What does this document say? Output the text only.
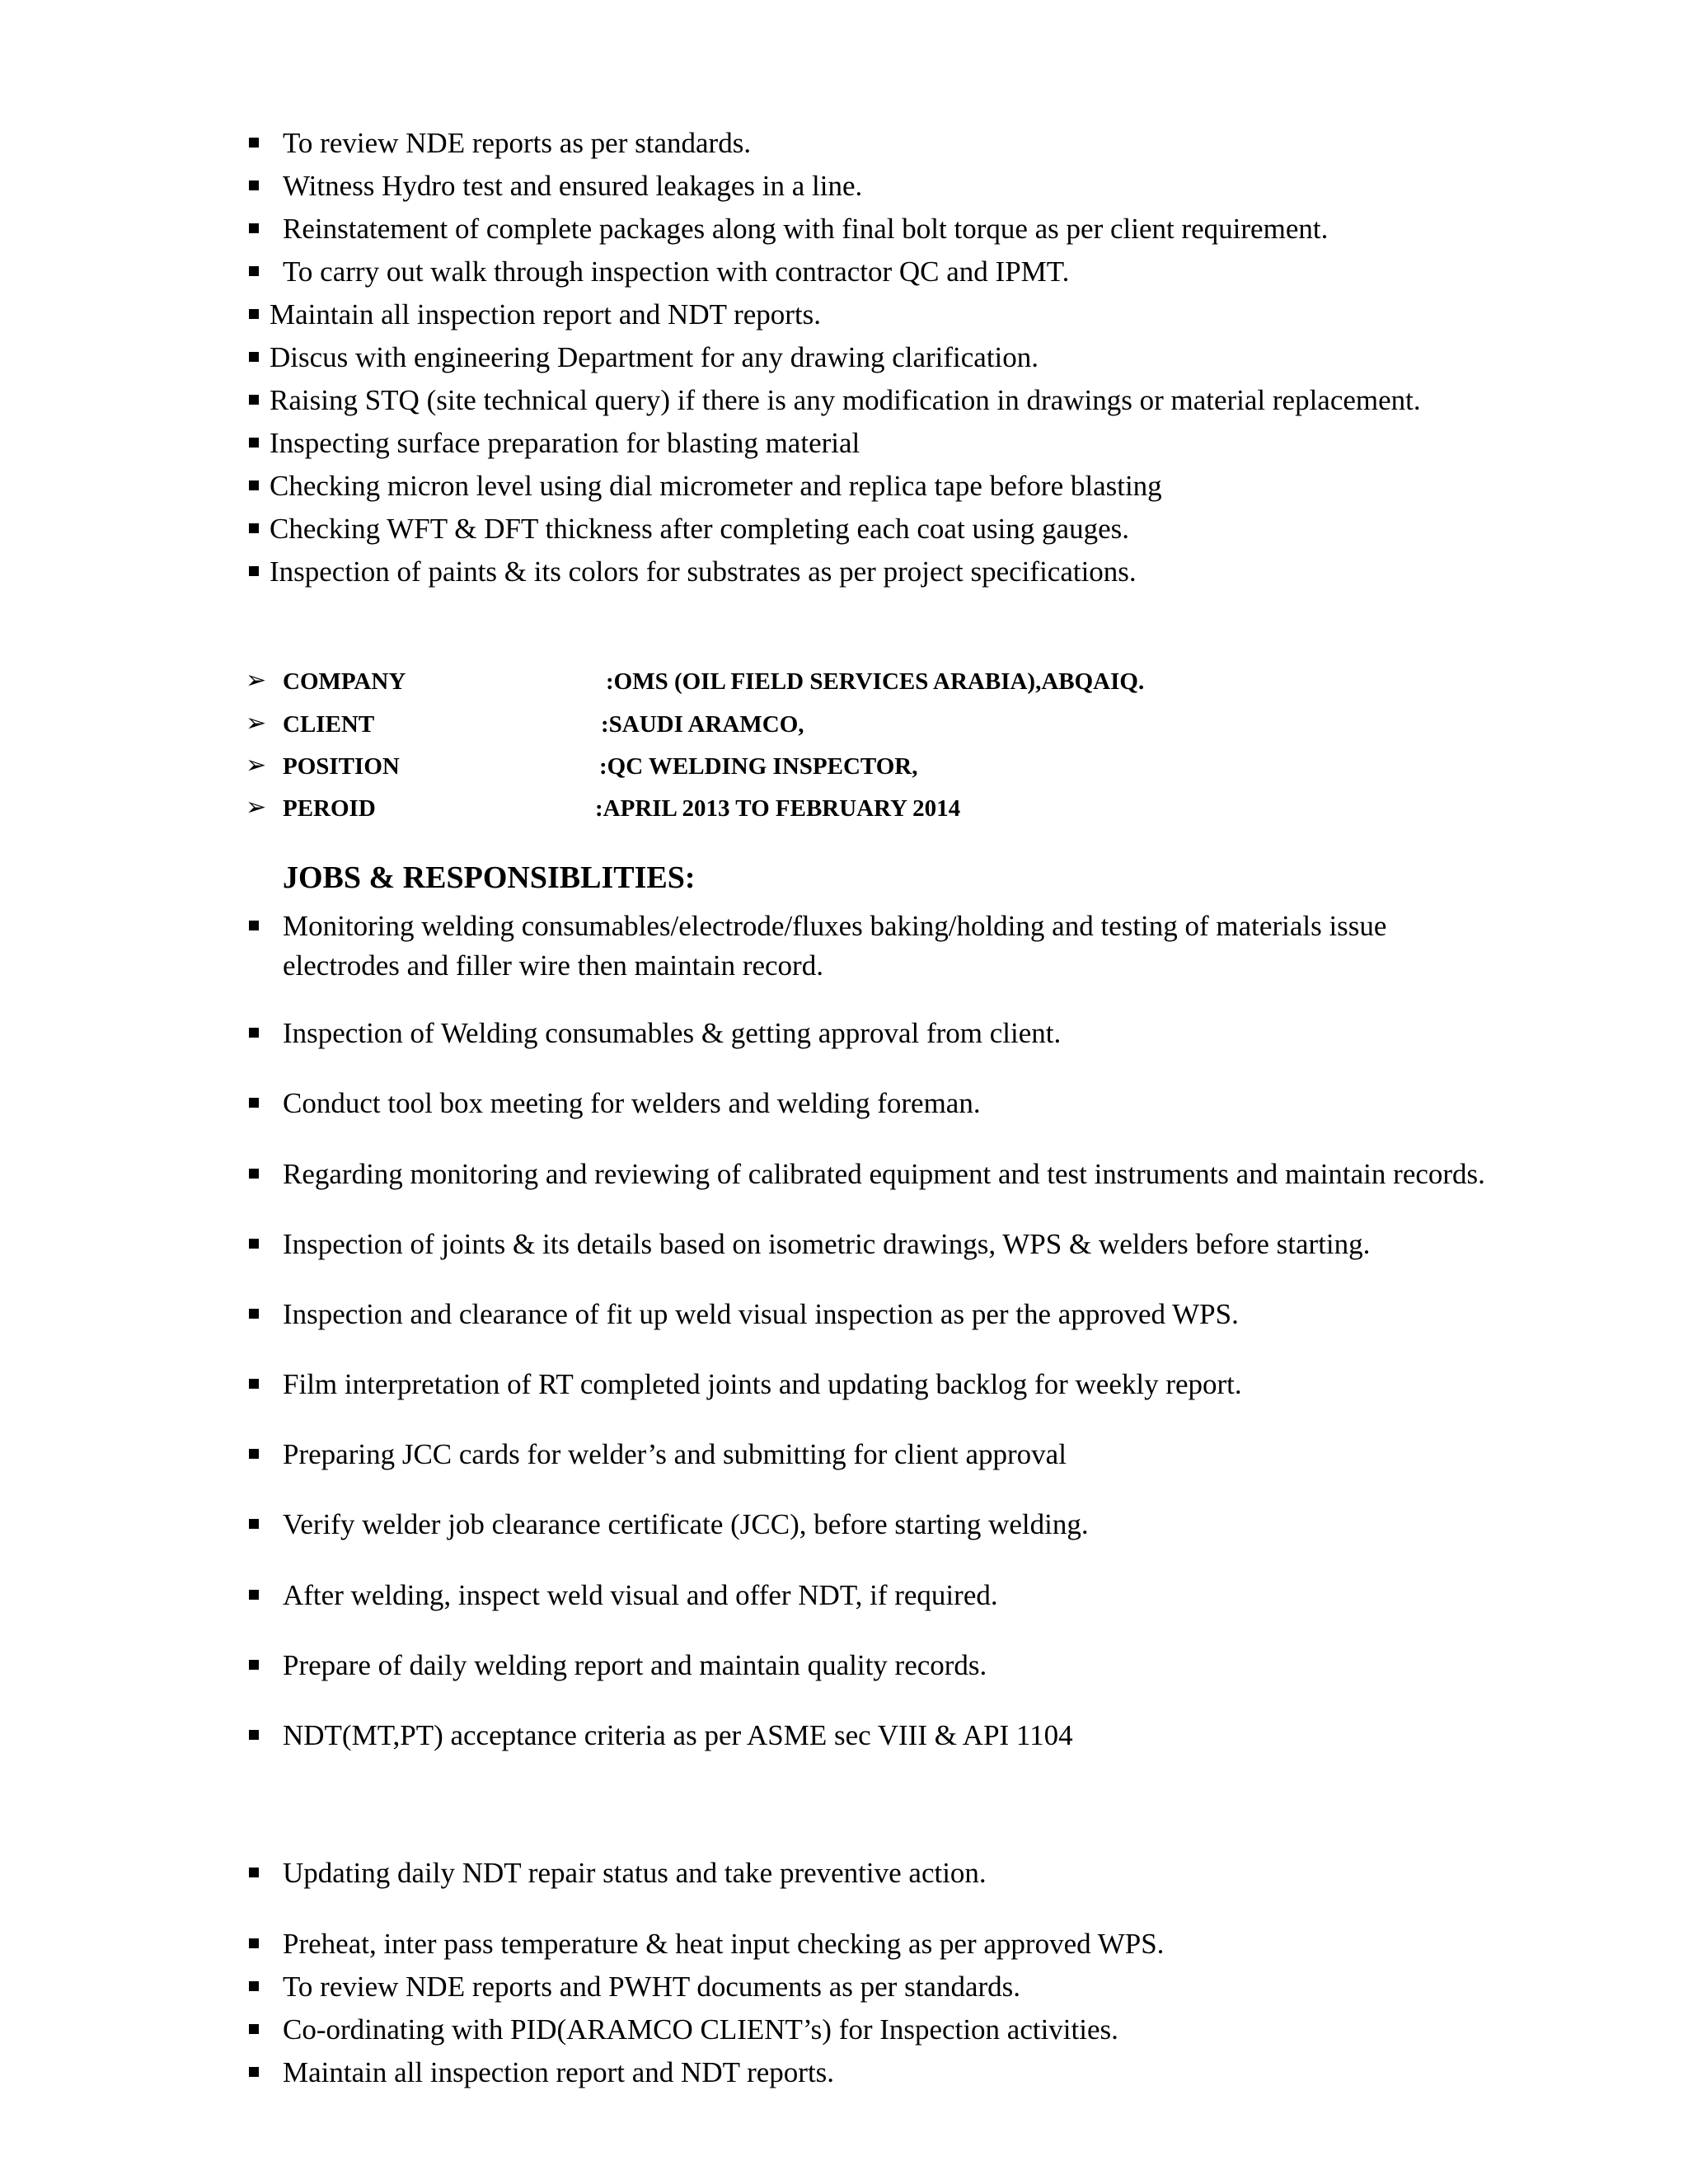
To review NDE reports as per standards.
Witness Hydro test and ensured leakages in a line.
Reinstatement of complete packages along with final bolt torque as per client requirement.
To carry out walk through inspection with contractor QC and IPMT.
Maintain all inspection report and NDT reports.
Discus with engineering Department for any drawing clarification.
Raising STQ (site technical query) if there is any modification in drawings or material replacement.
Inspecting surface preparation for blasting material
Checking micron level using dial micrometer and replica tape before blasting
Checking WFT & DFT thickness after completing each coat using gauges.
Inspection of paints & its colors for substrates as per project specifications.
➢ COMPANY	:OMS (OIL FIELD SERVICES ARABIA),ABQAIQ.
➢ CLIENT	:SAUDI ARAMCO,
➢ POSITION	:QC WELDING INSPECTOR,
➢ PEROID	:APRIL 2013 TO FEBRUARY 2014
JOBS & RESPONSIBLITIES:
Monitoring welding consumables/electrode/fluxes baking/holding and testing of materials issue
electrodes and filler wire then maintain record.
Inspection of Welding consumables & getting approval from client.
Conduct tool box meeting for welders and welding foreman.
Regarding monitoring and reviewing of calibrated equipment and test instruments and maintain records.
Inspection of joints & its details based on isometric drawings, WPS & welders before starting.
Inspection and clearance of fit up weld visual inspection as per the approved WPS.
Film interpretation of RT completed joints and updating backlog for weekly report.
Preparing JCC cards for welder’s and submitting for client approval
Verify welder job clearance certificate (JCC), before starting welding.
After welding, inspect weld visual and offer NDT, if required.
Prepare of daily welding report and maintain quality records.
NDT(MT,PT) acceptance criteria as per ASME sec VIII & API 1104
Updating daily NDT repair status and take preventive action.
Preheat, inter pass temperature & heat input checking as per approved WPS.
To review NDE reports and PWHT documents as per standards.
Co-ordinating with PID(ARAMCO CLIENT’s) for Inspection activities.
Maintain all inspection report and NDT reports.
